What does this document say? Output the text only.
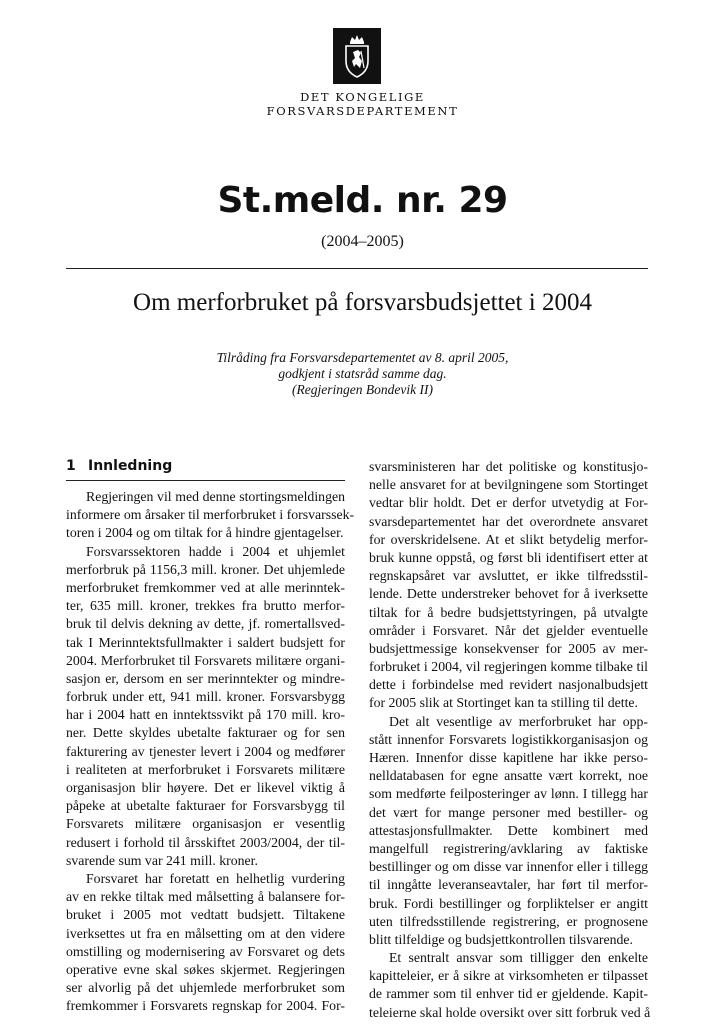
DET KONGELIGE
FORSVARSDEPARTEMENT
St.meld. nr. 29
(2004–2005)
Om merforbruket på forsvarsbudsjettet i 2004
Tilråding fra Forsvarsdepartementet av 8. april 2005,
godkjent i statsråd samme dag.
(Regjeringen Bondevik II)
1 Innledning
Regjeringen vil med denne stortingsmeldingen
informere om årsaker til merforbruket i forsvarssek-
toren i 2004 og om tiltak for å hindre gjentagelser.
Forsvarssektoren hadde i 2004 et uhjemlet
merforbruk på 1156,3 mill. kroner. Det uhjemlede
merforbruket fremkommer ved at alle merinntek-
ter, 635 mill. kroner, trekkes fra brutto merfor-
bruk til delvis dekning av dette, jf. romertallsved-
tak I Merinntektsfullmakter i saldert budsjett for
2004. Merforbruket til Forsvarets militære organi-
sasjon er, dersom en ser merinntekter og mindre-
forbruk under ett, 941 mill. kroner. Forsvarsbygg
har i 2004 hatt en inntektssvikt på 170 mill. kro-
ner. Dette skyldes ubetalte fakturaer og for sen
fakturering av tjenester levert i 2004 og medfører
i realiteten at merforbruket i Forsvarets militære
organisasjon blir høyere. Det er likevel viktig å
påpeke at ubetalte fakturaer for Forsvarsbygg til
Forsvarets militære organisasjon er vesentlig
redusert i forhold til årsskiftet 2003/2004, der til-
svarende sum var 241 mill. kroner.
Forsvaret har foretatt en helhetlig vurdering
av en rekke tiltak med målsetting å balansere for-
bruket i 2005 mot vedtatt budsjett. Tiltakene
iverksettes ut fra en målsetting om at den videre
omstilling og modernisering av Forsvaret og dets
operative evne skal søkes skjermet. Regjeringen
ser alvorlig på det uhjemlede merforbruket som
fremkommer i Forsvarets regnskap for 2004. For-
svarsministeren har det politiske og konstitusjo-
nelle ansvaret for at bevilgningene som Stortinget
vedtar blir holdt. Det er derfor utvetydig at For-
svarsdepartementet har det overordnete ansvaret
for overskridelsene. At et slikt betydelig merfor-
bruk kunne oppstå, og først bli identifisert etter at
regnskapsåret var avsluttet, er ikke tilfredsstil-
lende. Dette understreker behovet for å iverksette
tiltak for å bedre budsjettstyringen, på utvalgte
områder i Forsvaret. Når det gjelder eventuelle
budsjettmessige konsekvenser for 2005 av mer-
forbruket i 2004, vil regjeringen komme tilbake til
dette i forbindelse med revidert nasjonalbudsjett
for 2005 slik at Stortinget kan ta stilling til dette.
Det alt vesentlige av merforbruket har opp-
stått innenfor Forsvarets logistikkorganisasjon og
Hæren. Innenfor disse kapitlene har ikke perso-
nelldatabasen for egne ansatte vært korrekt, noe
som medførte feilposteringer av lønn. I tillegg har
det vært for mange personer med bestiller- og
attestasjonsfullmakter. Dette kombinert med
mangelfull registrering/avklaring av faktiske
bestillinger og om disse var innenfor eller i tillegg
til inngåtte leveranseavtaler, har ført til merfor-
bruk. Fordi bestillinger og forpliktelser er angitt
uten tilfredsstillende registrering, er prognosene
blitt tilfeldige og budsjettkontrollen tilsvarende.
Et sentralt ansvar som tilligger den enkelte
kapitteleier, er å sikre at virksomheten er tilpasset
de rammer som til enhver tid er gjeldende. Kapit-
teleierne skal holde oversikt over sitt forbruk ved å
